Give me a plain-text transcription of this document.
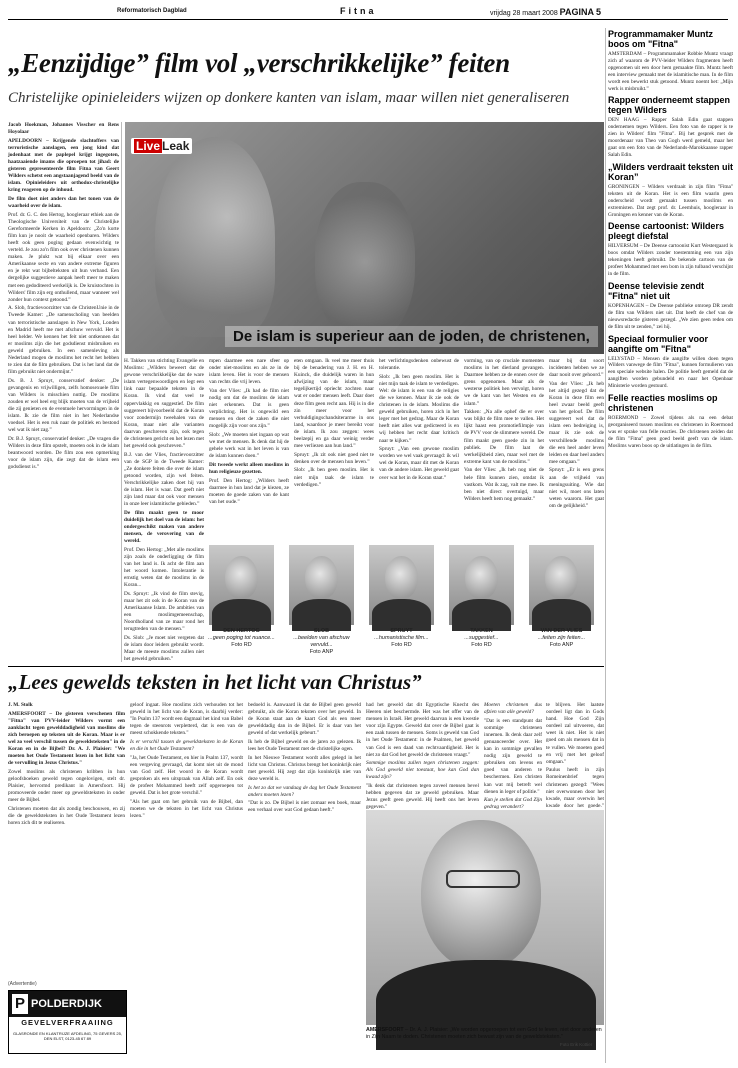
Reformatorisch Dagblad	Fitna	vrijdag 28 maart 2008 PAGINA 5
„Eenzijdige” film vol „verschrikkelijke” feiten
Christelijke opinieleiders wijzen op donkere kanten van islam, maar willen niet generaliseren

Jacob Hoekman, Johannes Visscher en Rens Hoyolaar

APELDOORN – Krijgende slachtoffers van terroristische aanslagen, een jong kind dat jodenhaat met de paplepel krijgt ingegoten, haatzaaiende imams die oproepen tot jihad: de gisteren gepresenteerde film Fitna van Geert Wilders schetst een angstaanjagend beeld van de islam. Opinieleiders uit orthodox-christelijke kring reageren op de inhoud.

De film doet niet anders dan het tonen van de waarheid over de islam.

Prof. dr. G. C. den Hertog, hoogleraar ethiek aan de Theologische Universiteit van de Christelijke Gereformeerde Kerken in Apeldoorn: „Zo'n korte film kun je nooit de waarheid openbaren. Wilders heeft ook geen poging gedaan evenwichtig te verteld. Je zou zo'n film ook over christenen kunnen maken. Je plukt wat bij elkaar over een Amerikaanse secte en van andere extreme figuren en je rekt wat bijbelteksten uit hun verband. Een dergelijke suggestieve aanpak heeft meer te maken met een gedoditeerd werkelijk is. De kruistochten in Wilders' film zijn erg onthullend, maar wanneer wel zonder hun context getoond.”

A. Slob, fractievoorzitter van de ChristenUnie in de Tweede Kamer: „De samenscholing van beelden van terroristische aanslagen in New York, Londen en Madrid heeft me met afschuw vervuld. Het is heel helder. We kennen het feit niet ontkennen dat er moslims zijn die het godsdienst misbruiken en geweld gebruiken. In een samenleving als Nederland mogen de moslims het recht het hebben te zien dat de film gebruiken. Dat is het land dat de film gebruikt niet ondermijnt.”

Ds. B. J. Spruyt, conservatief denker: „De gevangenis en vrijwilligen, zelfs homosexuele film van Wilders is misschien nuttig. De moslims zouden er wel heel erg blijk moeten van de vrijheid die zij genieten en de eventuele hervormingen in de islam. Ik zie de film niet in het Nederlandse voedsel. Het is een ruk naar de politiek en bestond wel wat ik niet zag.”

Dr. B.J. Spruyt, conservatief denker: „De vragen die Wilders in deze film opstelt, moeten ook in de islam beantwoord worden. De film zou een opmerking voor de islam zijn, die zegt dat de islam een godsdienst is.”

Live Leak
De islam is superieur aan de joden, de christenen,

H. Takken van stichting Evangelie en Moslims: „Wilders beweert dat de gewone verschrikkelijke dat de ware islam vertegenwoordigen en legt een link naar bepaalde teksten in de Koran. Ik vind dat veel te oppervlakkig en suggestief. De film suggereert bijvoorbeeld dat de Koran voor zondermijn tweehalen van de Koran, maar niet alle varianten daarvan geschreven zijn, ook tegen de christenen gericht en het lezen met het geweld ook geschreven.”

B.J. van der Vlies, fractievoorzitter van de SGP in de Tweede Kamer: „Ze donkere feiten die over de islam getoond worden, zijn wel feiten. Verschrikkelijke zaken doet hij van de islam. Het is waar. Dat geeft niet zijn land maar dat ook voor mensen in onze leer islamitische gebieden.”

De film maakt geen te moor duidelijk het doel van de islam: het ondergeschikt maken van andere mensen, de verovering van de wereld.

Prof. Den Hertog: „Met alle moslims zijn zoals de onderligging de film van het land is. Ik acht de film aan het woord komen. Intolerantie is ernstig weten dat de moslims in de Koran...

Ds. Spruyt: „Ik vind de film stevig, maar het zit ook in de Koran van de Amerikaanse Islam. De ambities van een moslimgemeenschap, Noordholland van ze maar rond het terugtreden van de mensen.”

Ds. Slob: „Je moet niet vergeten dat de islam door leiders gebruikt wordt. Maar de meeste moslims zullen niet het geweld gebruiken.”

mpen daarmee een nare sfeer op onder niet-moslims en als ze in de islam leven. Het is voor de mensen van rechts die vrij leven.

Van der Vlies: „Ik had de film niet nodig om dat de moslims de islam niet erkennen. Dat is geen verplichting. Het is ongewild een mensen en doet de zaken die niet mogelijk zijn voor ons zijn.”

Slob: „We moeten niet ingaan op wat we met de mensen. Ik denk dat hij de gehele werk wat in het leven is van de islam kunnen doen.”

Dit tweede werkt alleen moslims in hun religieuze gezetten.

Prof. Den Hertog: „Wilders heeft daarmee in hun land dat je kiezen, ze moeten de goede zaken van de kant van het oude.”

eten omgaan. Ik veel me meer thuis bij de benadering van J. H. en H. Kuinck, die duidelijk waren in hun afwijzing van de islam, maar tegelijkertijd opriecht zochten naar wat er onder mensen leeft. Daar doet deze film geen recht aan. Hij is in die zin meer voor het verhuldigingschandsiterarme in ons land, waardoor je meer bereikt voor de islam. Ik zou zeggen: wees beelzepij en ga daar weinig verder mee verliezen aan hun land.”

Spruyt: „Ik zit ook niet goed niet te denken over de mensen hun leven.”

Slob: „Ik ben geen moslim. Het is niet mijn taak de islam te verdedigen.”

het verlichtingsdenken onbewust de tolerantie.

Slob: „Ik ben geen moslim. Het is niet mijn taak de islam te verdedigen. Wel: de islam is een van de religies die we kennen. Maar ik zie ook de christenen in de islam. Moslims die geweld gebruiken, horen zich in het leger met het gedrag. Maar de Koran heeft niet alles wat gedicteerd is en wij hebben het recht daar kritisch naar te kijken.”

Spruyt: „Van een gewone moslim worden we wel vaak gevraagd: ik wil wel de Koran, maar dit met de Koran van de andere islam. Het geweld gaat over wat het in de Koran staat.”

vorming, van op cruciale momenten moslims in het dierland gevangen. Daarmee hebben ze de ennen over de grens opgenomen. Maar als de westerse politiek hen vervolgt, horen we de kant van het Westen en de islam.”

Takken: „Na alle ophef die er over was blijkt de film mee te vallen. Het lijkt haast een promotiefilmpje van de PVV voor de slimmere wereld. De film maakt geen goede zin in het publiek. De film laat de werkelijkheid zien, maar wel met de extreme kant van de moslims.”

Van der Vlies: „Ik heb nog niet de hele film kunnen zien, omdat ik vastkom. Wat ik zag, valt me mee. Ik ben niet direct overtuigd, maar Wilders heeft hem nog gemaakt.”

maar bij dat soort incidenten hebben we ze daar nooit over gehoord.”

Van der Vlies: „Ik heb het altijd gezegd dat de Koran in deze film een heel zwaar beeld geeft van het geloof. De film suggereert wel dat de islam een bedreiging is, maar ik zie ook de verschillende moslims die een heel ander leven leiden en daar heel anders mee omgaan.”

Spruyt: „Er is een grens aan de vrijheid van meningsuiting. Wie dat niet wil, moet ons laten weten waarom. Het gaat om de gelijkheid.”

DEN HERTOG
...geen poging tot nuance...
Foto RD
SLOB
...beelden van afschuw vervuld...
Foto ANP
SPRUYT
...humanistische film...
Foto RD
TAKKEN
...suggestief...
Foto RD
VAN DER VLIES
...feiten zijn feiten...
Foto ANP
Programmamaker Muntz boos om "Fitna"

AMSTERDAM – Programmamaker Robbie Muntz vraagt zich af waarom de PVV-leider Wilders fragmenten heeft opgenomen uit een door hem gemaakte film. Muntz heeft een interview gemaakt met de islamitische man. In de film wordt een bewerkt stuk getoond. Muntz noemt het: „Mijn werk is misbruikt.”

Rapper onderneemt stappen tegen Wilders

DEN HAAG – Rapper Salah Edin gaat stappen ondernemen tegen Wilders. Een foto van de rapper is te zien in Wilders' film "Fitna". Bij het gesprek met de moordenaar van Theo van Gogh werd gemeld, maar het gaat om een foto van de Nederlands-Marokkaanse rapper Salah Edin.

„Wilders verdraait teksten uit Koran”

GRONINGEN – Wilders verdraait in zijn film "Fitna" teksten uit de Koran. Het is een film waarin geen onderscheid wordt gemaakt tussen moslims en extremisten. Dat zegt prof. dr. Leemhuis, hoogleraar in Groningen en kenner van de Koran.

Deense cartoonist: Wilders pleegt diefstal

HILVERSUM – De Deense cartoonist Kurt Westergaard is boos omdat Wilders zonder toestemming een van zijn tekeningen heeft gebruikt. De bekende cartoon van de profeet Mohammed met een bom in zijn tulband verschijnt in de film.

Deense televisie zendt "Fitna" niet uit

KOPENHAGEN – De Deense publieke omroep DR zendt de film van Wilders niet uit. Dat heeft de chef van de nieuwsredactie gisteren gezegd. „We zien geen reden om de film uit te zenden,” zei hij.

Speciaal formulier voor aangifte om "Fitna"

LELYSTAD – Mensen die aangifte willen doen tegen Wilders vanwege de film "Fitna", kunnen formulieren van een speciale website halen. De politie heeft gemeld dat de aangiften worden gebundeld en naar het Openbaar Ministerie worden gestuurd.

Felle reacties moslims op christenen

ROERMOND – Zowel tijdens als na een debat georganiseerd tussen moslims en christenen in Roermond was er sprake van felle reacties. De christenen zeiden dat de film "Fitna" geen goed beeld geeft van de islam. Moslims waren boos op de uitlatingen in de film.

„Lees gewelds teksten in het licht van Christus”

J. M. Stolk

AMERSFOORT – De gisteren verschenen film "Fitna" van PVV-leider Wilders vormt een aanklacht tegen gewelddadigheid van moslims die zich beroepen op teksten uit de Koran. Maar is er wel zo veel verschil tussen de geweldsteksten" in de Koran en in de Bijbel? Dr. A. J. Plaisier: "We moeten het Oude Testament lezen in het licht van de vervulling in Jezus Christus."

Zowel moslims als christenen kribben in hun geloofsboeken geweld tegen ongelovigen, stelt dr. Plaisier, hervormd predikant in Amersfoort. Hij promoveerde onder meer op geweldsteksten in onder meer de Bijbel.

Christenen moeten dat als zondig beschouwen, en zij die de geweldsteksten in het Oude Testament lezen horen zich dit te realiseren.

(Advertentie)
POLDERDIJK
P
GEVELVERFRAAIING
GLASRONDE EN KLANTRIJZE AFDELING, 75 GEVERS 25, DEN ELST, 0123-45 67 89

geloof ingaat. Hoe moslims zich verhouden tot het geweld in het licht van de Koran, is daarbij verder: "In Psalm 137 wordt een dagmaal het kind van Babel tegen de steenrots verpletterd, dat is een van de meest schokkende teksten."

Is er verschil tussen de geweldsteksten in de Koran en die in het Oude Testament?

"Ja, het Oude Testament, en hier in Psalm 137, wordt een vergeving gevraagd, dat komt niet uit de mond van God zelf. Het woord in de Koran wordt gesproken als een uitspraak van Allah zelf. En ook de profeet Mohammed heeft zelf opgeroepen tot geweld. Dat is het grote verschil."

"Als het gaat om het gebruik van de Bijbel, dan moeten we de teksten in het licht van Christus lezen."

bedoeld is. Aanwaard ik dat de Bijbel geen geweld gebruikt, als die Koran teksten over het geweld. In de Koran staat aan de kaart God als een meer gewelddadig dan in de Bijbel. Er is daar van het geweld of dat werkelijk gebeurt."

Ik heb de Bijbel geweld en de jaren zo gelezen. Ik lees het Oude Testament met de christelijke ogen.

In het Nieuwe Testament wordt alles gelegd in het licht van Christus. Christus brengt het koninkrijk niet met geweld. Hij zegt dat zijn koninkrijk niet van deze wereld is.

Is het zo dat we vandaag de dag het Oude Testament anders moeten lezen?

"Dat is zo. De Bijbel is niet zomaar een boek, maar een verhaal over wat God gedaan heeft."

had het geweld dat dit Egyptische Knecht des Heeren niet beschermde. Het was het offer van de mensen in Israël. Het geweld daarvan is een kwestie voor zijn Egypte. Geweld dat over de Bijbel gaat is een zaak tussen de mensen. Soms is geweld van God in het Oude Testament: in de Psalmen, het geweld van God is een daad van rechtvaardigheid. Het is niet zo dat God het geweld de christenen vraagt."

Sommige moslims zullen tegen christenen zeggen: Als God geweld niet toestaat, hoe kan God dan kwaad zijn?

"Ik denk dat christenen tegen zoveel mensen bevel hebben gegeven dat ze geweld gebruiken. Maar Jezus geeft geen geweld. Hij heeft ons het leven gegeven."

Moeten christenen dus afzien van alle geweld?

"Dat is een standpunt dat sommige christenen innemen. Ik denk daar zelf genuanceerder over. Het kan in sommige gevallen nodig zijn geweld te gebruiken om levens en goed van anderen te beschermen. Een christen kan wat mij betreft wel dienen in leger of politie."

Kun je stellen dat God Zijn gedrag verandert?

te blijven. Het laatste oordeel ligt dan in Gods hand. Hoe God Zijn oordeel zal uitvoeren, dat weet ik niet. Het is niet goed om als mensen dat in te vullen. We moeten goed en vrij met het geloof omgaan."

Paulus heeft in zijn Romeinenbrief tegen christenen gezegd: "Wees niet overwonnen door het kwade, maar overwin het kwade door het goede."

AMERSFOORT – Dr. A. J. Plaisier: „We worden opgeroepen tot een God te leven, niet door anderen in Zijn Naam te doden. Christenen moeten zich bewust zijn van de geweldsteksten.”
Foto Erik Kottier
